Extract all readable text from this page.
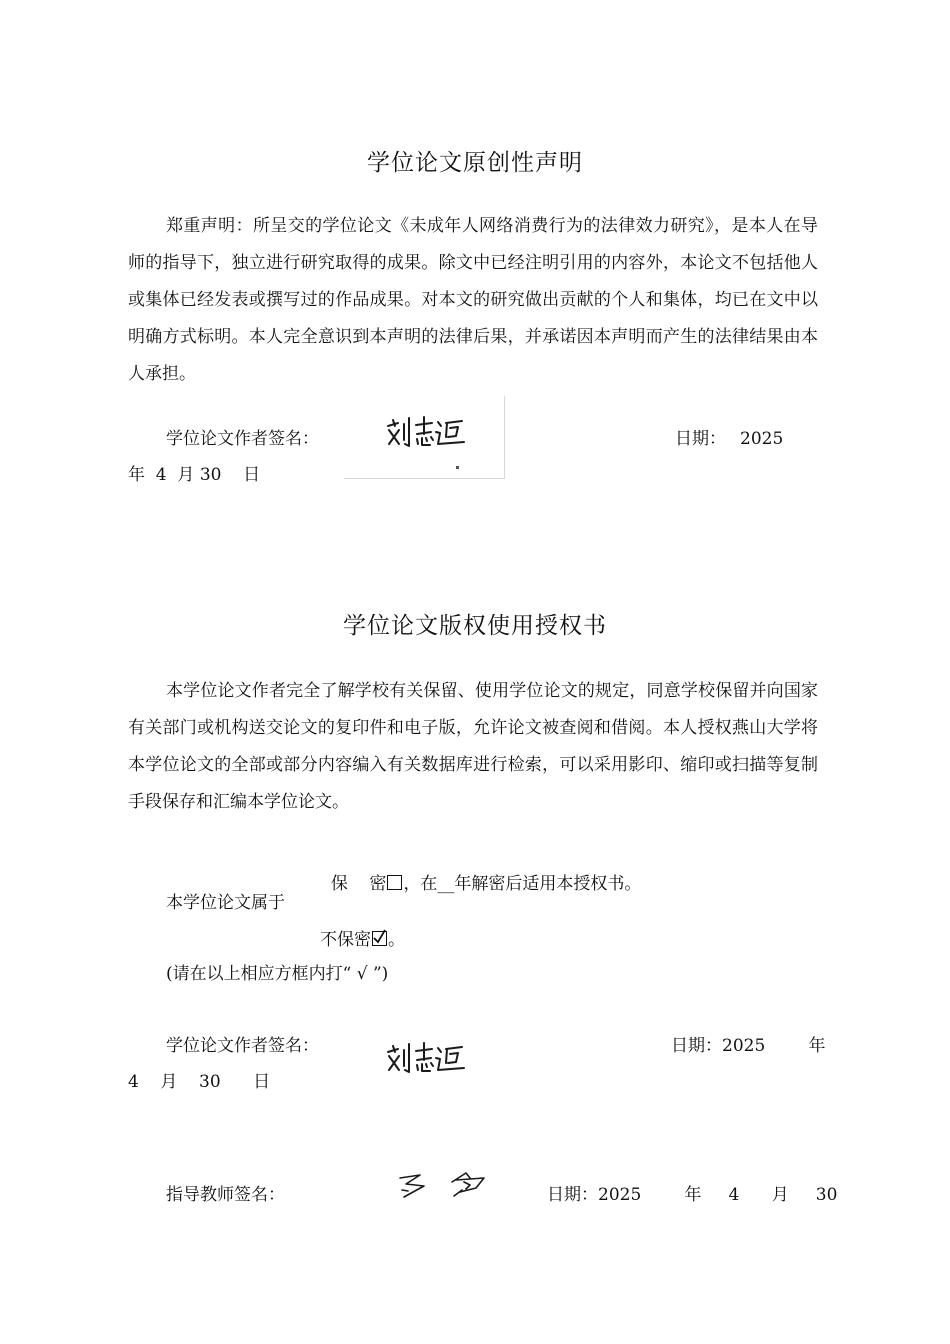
学位论文原创性声明
郑重声明：所呈交的学位论文《未成年人网络消费行为的法律效力研究》，是本人在导师的指导下，独立进行研究取得的成果。除文中已经注明引用的内容外，本论文不包括他人或集体已经发表或撰写过的作品成果。对本文的研究做出贡献的个人和集体，均已在文中以明确方式标明。本人完全意识到本声明的法律后果，并承诺因本声明而产生的法律结果由本人承担。
学位论文作者签名：	日期： 2025
年  4  月 30    日
学位论文版权使用授权书
本学位论文作者完全了解学校有关保留、使用学位论文的规定，同意学校保留并向国家有关部门或机构送交论文的复印件和电子版，允许论文被查阅和借阅。本人授权燕山大学将本学位论文的全部或部分内容编入有关数据库进行检索，可以采用影印、缩印或扫描等复制手段保存和汇编本学位论文。

保    密 ，在__年解密后适用本授权书。

本学位论文属于
不保密 。
(请在以上相应方框内打“ √ ”)
学位论文作者签名：	日期：2025        年
4    月    30      日
指导教师签名：	日期：2025        年     4      月     30
